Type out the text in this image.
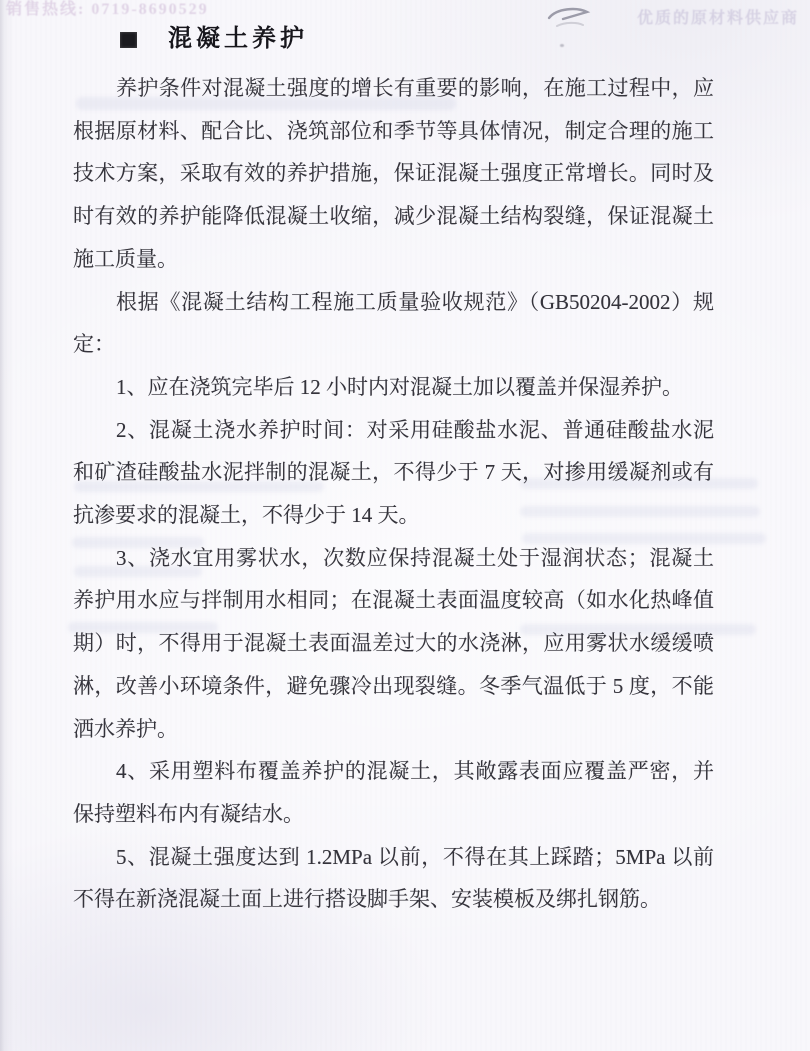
销售热线: 0719-8690529
优质的原材料供应商
混凝土养护
养护条件对混凝土强度的增长有重要的影响，在施工过程中，应
根据原材料、配合比、浇筑部位和季节等具体情况，制定合理的施工
技术方案，采取有效的养护措施，保证混凝土强度正常增长。同时及
时有效的养护能降低混凝土收缩，减少混凝土结构裂缝，保证混凝土
施工质量。
根据《混凝土结构工程施工质量验收规范》（GB50204-2002）规
定：
1、应在浇筑完毕后 12 小时内对混凝土加以覆盖并保湿养护。
2、混凝土浇水养护时间：对采用硅酸盐水泥、普通硅酸盐水泥
和矿渣硅酸盐水泥拌制的混凝土，不得少于 7 天，对掺用缓凝剂或有
抗渗要求的混凝土，不得少于 14 天。
3、浇水宜用雾状水，次数应保持混凝土处于湿润状态；混凝土
养护用水应与拌制用水相同；在混凝土表面温度较高（如水化热峰值
期）时，不得用于混凝土表面温差过大的水浇淋，应用雾状水缓缓喷
淋，改善小环境条件，避免骤冷出现裂缝。冬季气温低于 5 度，不能
洒水养护。
4、采用塑料布覆盖养护的混凝土，其敞露表面应覆盖严密，并
保持塑料布内有凝结水。
5、混凝土强度达到 1.2MPa 以前，不得在其上踩踏；5MPa 以前
不得在新浇混凝土面上进行搭设脚手架、安装模板及绑扎钢筋。
